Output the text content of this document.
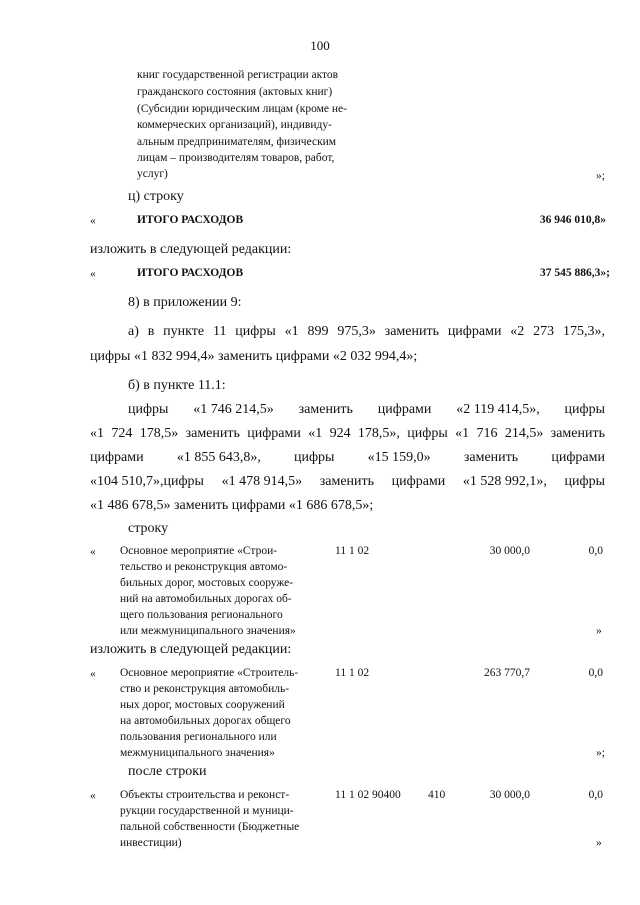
100
книг государственной регистрации актов
гражданского состояния (актовых книг)
(Субсидии юридическим лицам (кроме не-
коммерческих организаций), индивиду-
альным предпринимателям, физическим
лицам – производителям товаров, работ,
услуг)	»;
ц) строку
«	ИТОГО РАСХОДОВ	36 946 010,8»
изложить в следующей редакции:
«	ИТОГО РАСХОДОВ	37 545 886,3»;
8) в приложении 9:
а) в пункте 11 цифры «1 899 975,3» заменить цифрами «2 273 175,3»,
цифры «1 832 994,4» заменить цифрами «2 032 994,4»;
б) в пункте 11.1:
цифры «1 746 214,5» заменить цифрами «2 119 414,5», цифры
«1 724 178,5» заменить цифрами «1 924 178,5», цифры «1 716 214,5» заменить
цифрами «1 855 643,8», цифры «15 159,0» заменить цифрами
«104 510,7»,цифры «1 478 914,5» заменить цифрами «1 528 992,1», цифры
«1 486 678,5» заменить цифрами «1 686 678,5»;
строку
« Основное мероприятие «Строи-
тельство и реконструкция автомо-
бильных дорог, мостовых сооруже-
ний на автомобильных дорогах об-
щего пользования регионального
или межмуниципального значения»
11 1 02	30 000,0	0,0
»
изложить в следующей редакции:
« Основное мероприятие «Строитель-
ство и реконструкция автомобиль-
ных дорог, мостовых сооружений
на автомобильных дорогах общего
пользования регионального или
межмуниципального значения»
11 1 02	263 770,7	0,0
»;
после строки
« Объекты строительства и реконст-
рукции государственной и муници-
пальной собственности (Бюджетные
инвестиции)
11 1 02 90400 410	30 000,0	0,0
»
